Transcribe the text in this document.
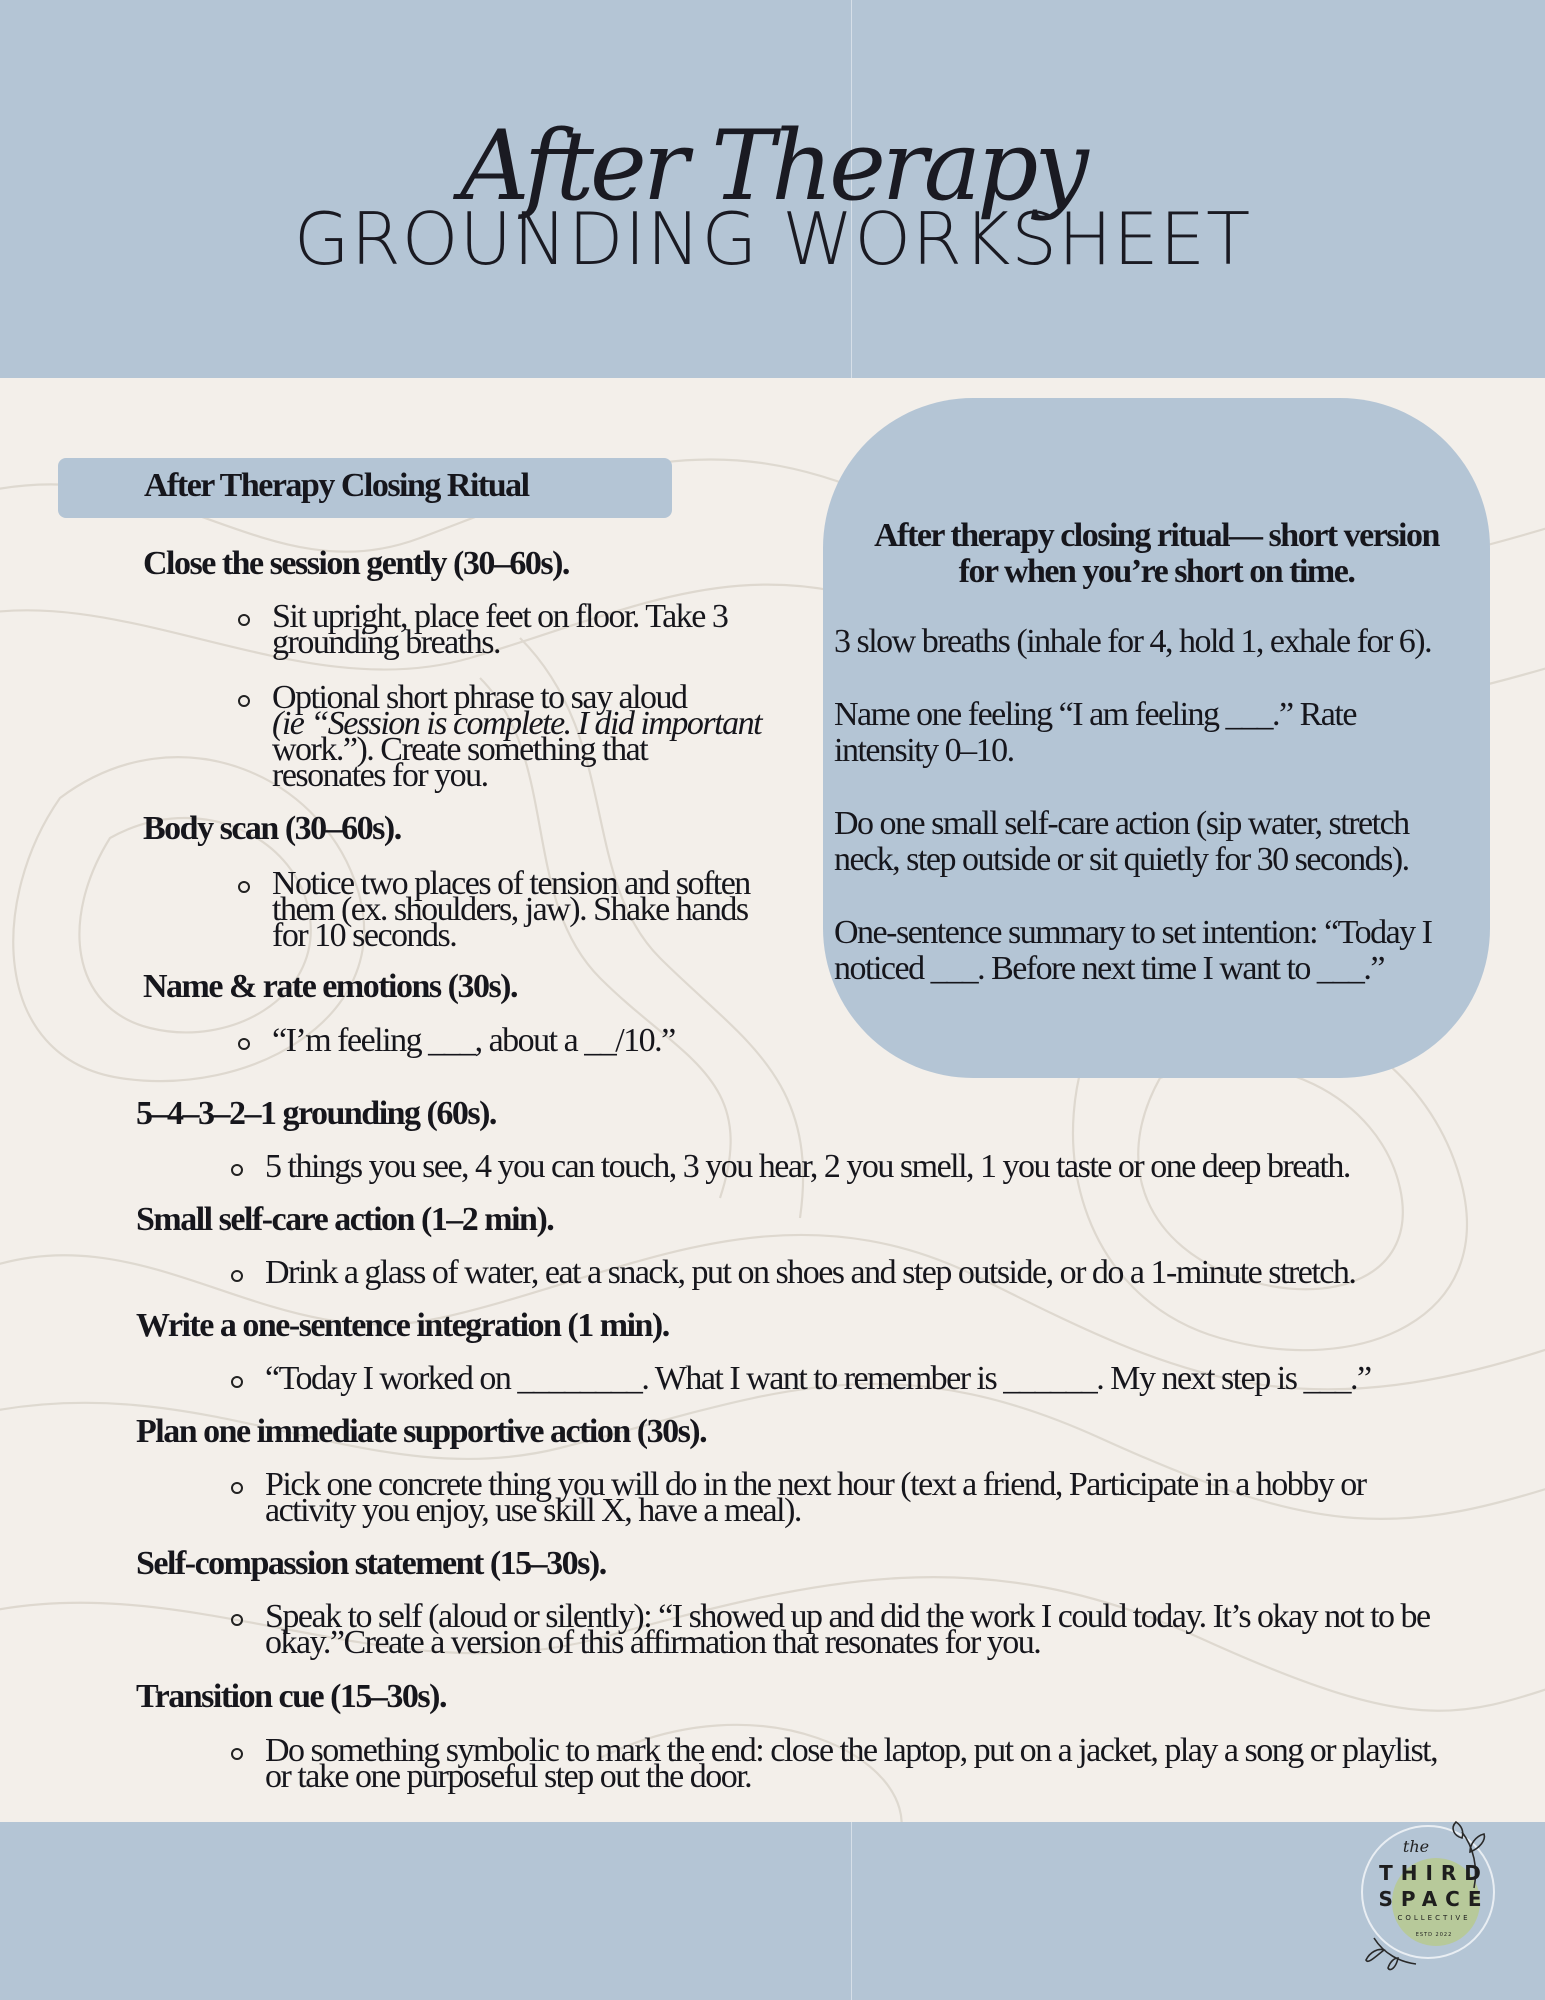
After Therapy
GROUNDING WORKSHEET
After Therapy Closing Ritual
After therapy closing ritual— short version
for when you’re short on time.

3 slow breaths (inhale for 4, hold 1, exhale for 6).

Name one feeling “I am feeling ___.” Rate
intensity 0–10.

Do one small self-care action (sip water, stretch
neck, step outside or sit quietly for 30 seconds).

One-sentence summary to set intention: “Today I
noticed ___. Before next time I want to ___.”

Close the session gently (30–60s).
Sit upright, place feet on floor. Take 3
grounding breaths.
Optional short phrase to say aloud
(ie “Session is complete. I did important
work.”). Create something that
resonates for you.
Body scan (30–60s).
Notice two places of tension and soften
them (ex. shoulders, jaw). Shake hands
for 10 seconds.
Name & rate emotions (30s).
“I’m feeling ___, about a __/10.”
5–4–3–2–1 grounding (60s).
5 things you see, 4 you can touch, 3 you hear, 2 you smell, 1 you taste or one deep breath.
Small self-care action (1–2 min).
Drink a glass of water, eat a snack, put on shoes and step outside, or do a 1-minute stretch.
Write a one-sentence integration (1 min).
“Today I worked on ________. What I want to remember is ______. My next step is ___.”
Plan one immediate supportive action (30s).
Pick one concrete thing you will do in the next hour (text a friend, Participate in a hobby or
activity you enjoy, use skill X, have a meal).
Self-compassion statement (15–30s).
Speak to self (aloud or silently): “I showed up and did the work I could today. It’s okay not to be
okay.”Create a version of this affirmation that resonates for you.
Transition cue (15–30s).
Do something symbolic to mark the end: close the laptop, put on a jacket, play a song or playlist,
or take one purposeful step out the door.
the
THIRD
SPACE
COLLECTIVE
ESTD 2022
